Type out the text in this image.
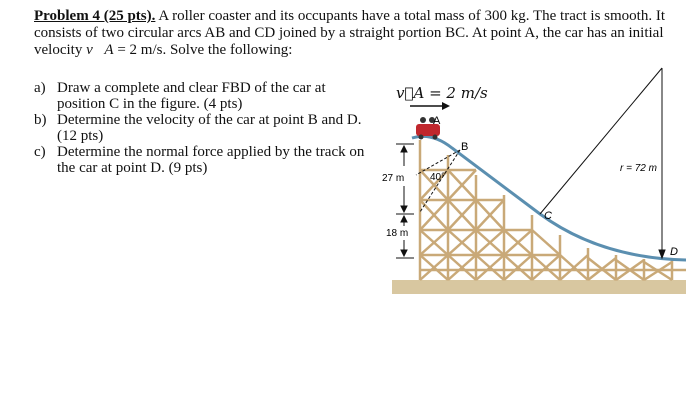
Problem 4 (25 pts). A roller coaster and its occupants have a total mass of 300 kg. The tract is smooth. It consists of two circular arcs AB and CD joined by a straight portion BC. At point A, the car has an initial velocity v⃗A = 2 m/s. Solve the following:
a) Draw a complete and clear FBD of the car at position C in the figure. (4 pts)
b) Determine the velocity of the car at point B and D. (12 pts)
c) Determine the normal force applied by the track on the car at point D. (9 pts)
v⃗A = 2 m/s
A
B
C
D
40°
27 m
18 m
r = 72 m
